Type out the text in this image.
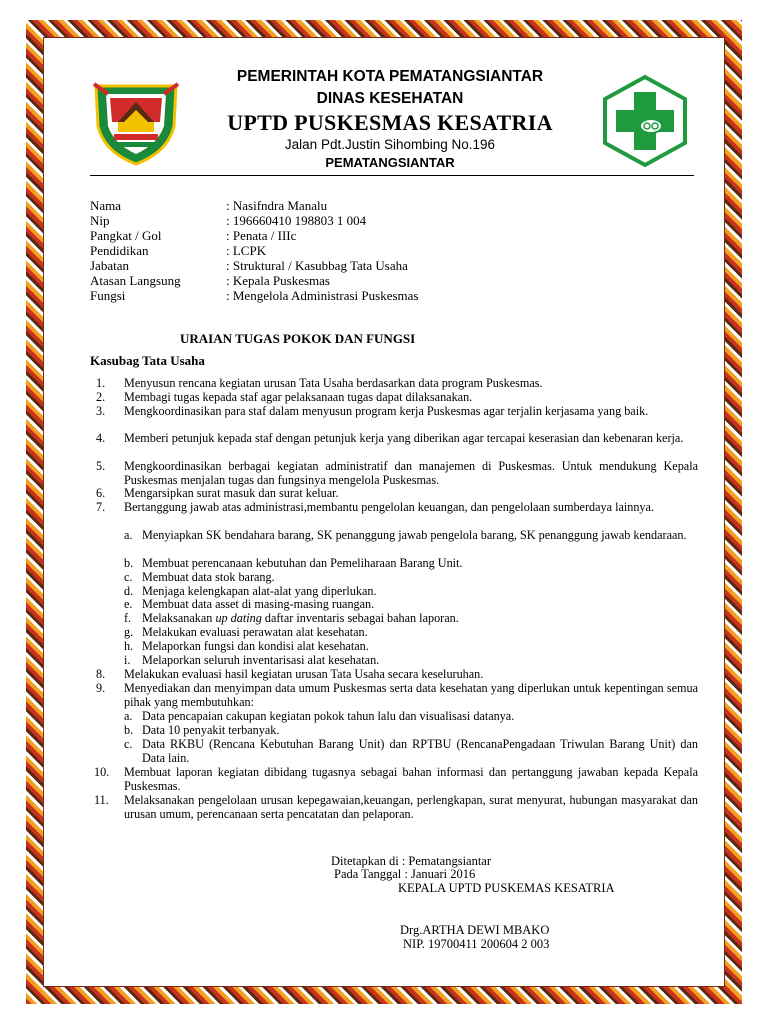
PEMERINTAH KOTA PEMATANGSIANTAR
DINAS KESEHATAN
UPTD PUSKESMAS KESATRIA
Jalan Pdt.Justin Sihombing No.196
PEMATANGSIANTAR
Nama	: Nasifndra Manalu
Nip	: 196660410 198803 1 004
Pangkat / Gol	: Penata / IIIc
Pendidikan	: LCPK
Jabatan	: Struktural / Kasubbag Tata Usaha
Atasan Langsung	: Kepala Puskesmas
Fungsi	: Mengelola Administrasi Puskesmas
URAIAN TUGAS POKOK DAN FUNGSI
Kasubag Tata Usaha
1. Menyusun rencana kegiatan urusan Tata Usaha berdasarkan data program Puskesmas.
2. Membagi tugas kepada staf agar pelaksanaan tugas dapat dilaksanakan.
3. Mengkoordinasikan para staf dalam menyusun program kerja Puskesmas agar terjalin kerjasama yang baik.
4. Memberi petunjuk kepada staf dengan petunjuk kerja yang diberikan agar tercapai keserasian dan kebenaran kerja.
5. Mengkoordinasikan berbagai kegiatan administratif dan manajemen di Puskesmas. Untuk mendukung Kepala Puskesmas menjalan tugas dan fungsinya mengelola Puskesmas.
6. Mengarsipkan surat masuk dan surat keluar.
7. Bertanggung jawab atas administrasi,membantu pengelolan keuangan, dan pengelolaan sumberdaya lainnya.
a. Menyiapkan SK bendahara barang, SK penanggung jawab pengelola barang, SK penanggung jawab kendaraan.
b. Membuat perencanaan kebutuhan dan Pemeliharaan Barang Unit.
c. Membuat data stok barang.
d. Menjaga kelengkapan alat-alat yang diperlukan.
e. Membuat data asset di masing-masing ruangan.
f. Melaksanakan up dating daftar inventaris sebagai bahan laporan.
g. Melakukan evaluasi perawatan alat kesehatan.
h. Melaporkan fungsi dan kondisi alat kesehatan.
i. Melaporkan seluruh inventarisasi alat kesehatan.
8. Melakukan evaluasi hasil kegiatan urusan Tata Usaha secara keseluruhan.
9. Menyediakan dan menyimpan data umum Puskesmas serta data kesehatan yang diperlukan untuk kepentingan semua pihak yang membutuhkan:
a. Data pencapaian cakupan kegiatan pokok tahun lalu dan visualisasi datanya.
b. Data 10 penyakit terbanyak.
c. Data RKBU (Rencana Kebutuhan Barang Unit) dan RPTBU (RencanaPengadaan Triwulan Barang Unit) dan Data lain.
10. Membuat laporan kegiatan dibidang tugasnya sebagai bahan informasi dan pertanggung jawaban kepada Kepala Puskesmas.
11. Melaksanakan pengelolaan urusan kepegawaian,keuangan, perlengkapan, surat menyurat, hubungan masyarakat dan urusan umum, perencanaan serta pencatatan dan pelaporan.
Ditetapkan di : Pematangsiantar
Pada Tanggal : Januari 2016
KEPALA UPTD PUSKEMAS KESATRIA
Drg.ARTHA DEWI MBAKO
NIP. 19700411 200604 2 003
